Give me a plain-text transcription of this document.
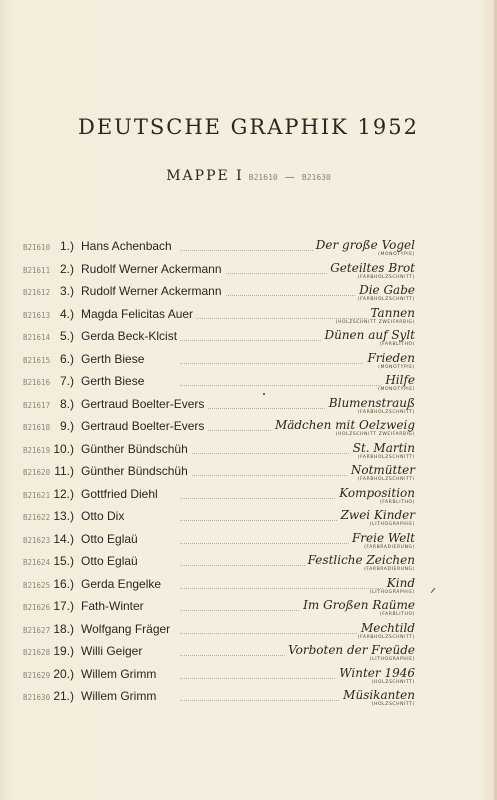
DEUTSCHE GRAPHIK 1952
MAPPE I B21610 — B21630
B21610 1.) Hans Achenbach	Der große Vogel
(MONOTYPIE)
B21611 2.) Rudolf Werner Ackermann	Geteiltes Brot
(FARBHOLZSCHNITT)
B21612 3.) Rudolf Werner Ackermann	Die Gabe
(FARBHOLZSCHNITT)
B21613 4.) Magda Felicitas Auer	Tannen
(HOLZSCHNITT ZWEIFARBIG)
B21614 5.) Gerda Beck-Klcist	Dünen auf Sylt
(FARBLITHO)
B21615 6.) Gerth Biese	Frieden
(MONOTYPIE)
B21616 7.) Gerth Biese	Hilfe
(MONOTYPIE)
B21617 8.) Gertraud Boelter-Evers	Blumenstrauß
(FARBHOLZSCHNITT)
B21618 9.) Gertraud Boelter-Evers	Mädchen mit Oelzweig
(HOLZSCHNITT ZWEIFARBIG)
B21619 10.) Günther Bündschüh	St. Martin
(FARBHOLZSCHNITT)
B21620 11.) Günther Bündschüh	Notmütter
(FARBHOLZSCHNITT)
B21621 12.) Gottfried Diehl	Komposition
(FARBLITHO)
B21622 13.) Otto Dix	Zwei Kinder
(LITHOGRAPHIE)
B21623 14.) Otto Eglaü	Freie Welt
(FARBRADIERUNG)
B21624 15.) Otto Eglaü	Festliche Zeichen
(FARBRADIERUNG)
B21625 16.) Gerda Engelke	Kind
(LITHOGRAPHIE)
B21626 17.) Fath-Winter	Im Großen Raüme
(FARBLITHO)
B21627 18.) Wolfgang Fräger	Mechtild
(FARBHOLZSCHNITT)
B21628 19.) Willi Geiger	Vorboten der Freüde
(LITHOGRAPHIE)
B21629 20.) Willem Grimm	Winter 1946
(HOLZSCHNITT)
B21630 21.) Willem Grimm	Müsikanten
(HOLZSCHNITT)
